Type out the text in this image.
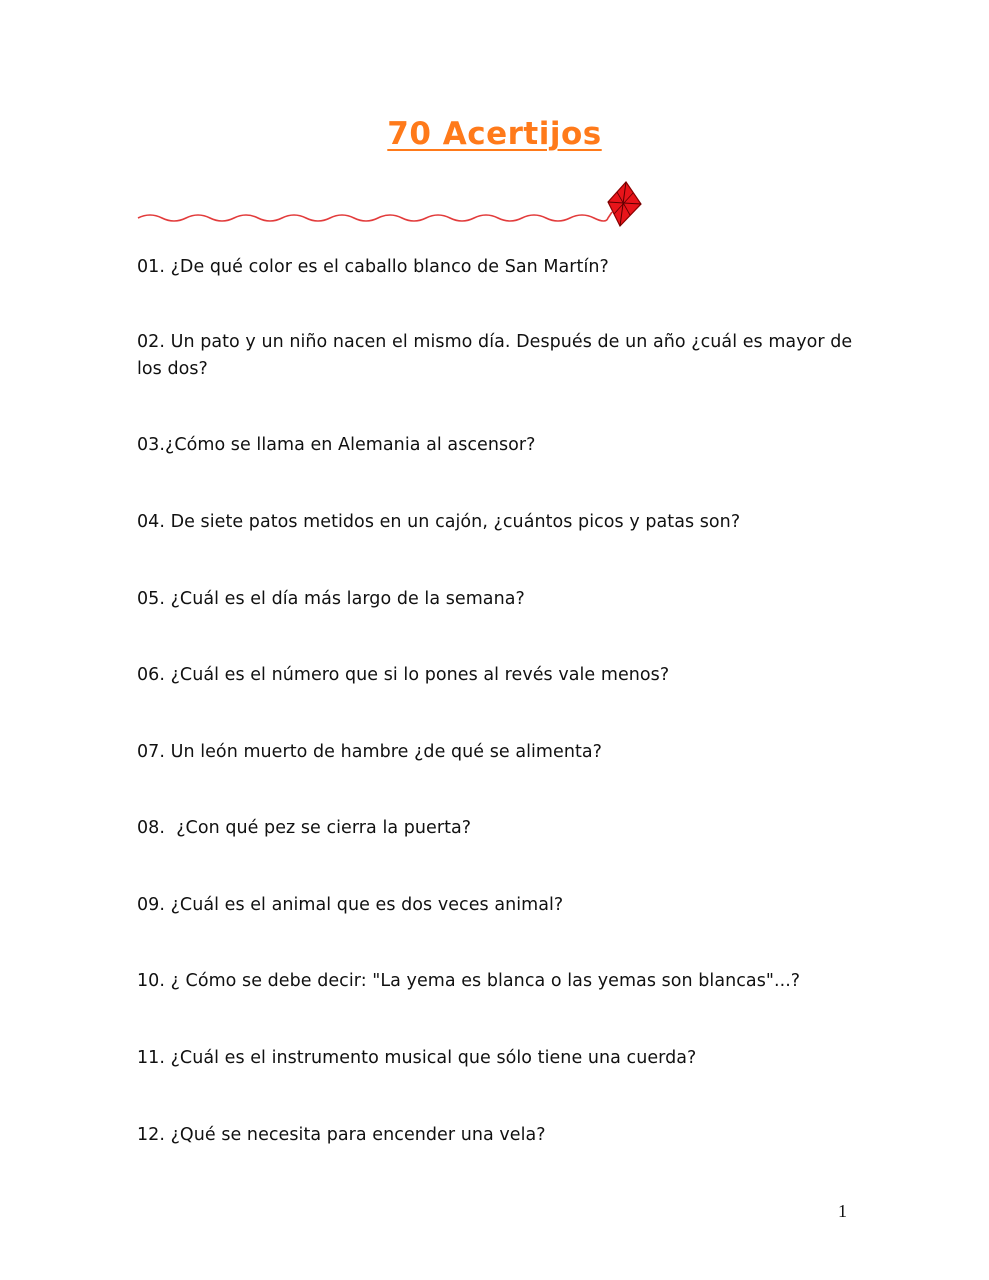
70 Acertijos
01. ¿De qué color es el caballo blanco de San Martín?
02. Un pato y un niño nacen el mismo día. Después de un año ¿cuál es mayor de los dos?
03.¿Cómo se llama en Alemania al ascensor?
04. De siete patos metidos en un cajón, ¿cuántos picos y patas son?
05. ¿Cuál es el día más largo de la semana?
06. ¿Cuál es el número que si lo pones al revés vale menos?
07. Un león muerto de hambre ¿de qué se alimenta?
08.  ¿Con qué pez se cierra la puerta?
09. ¿Cuál es el animal que es dos veces animal?
10. ¿ Cómo se debe decir: "La yema es blanca o las yemas son blancas"...?
11. ¿Cuál es el instrumento musical que sólo tiene una cuerda?
12. ¿Qué se necesita para encender una vela?
1
